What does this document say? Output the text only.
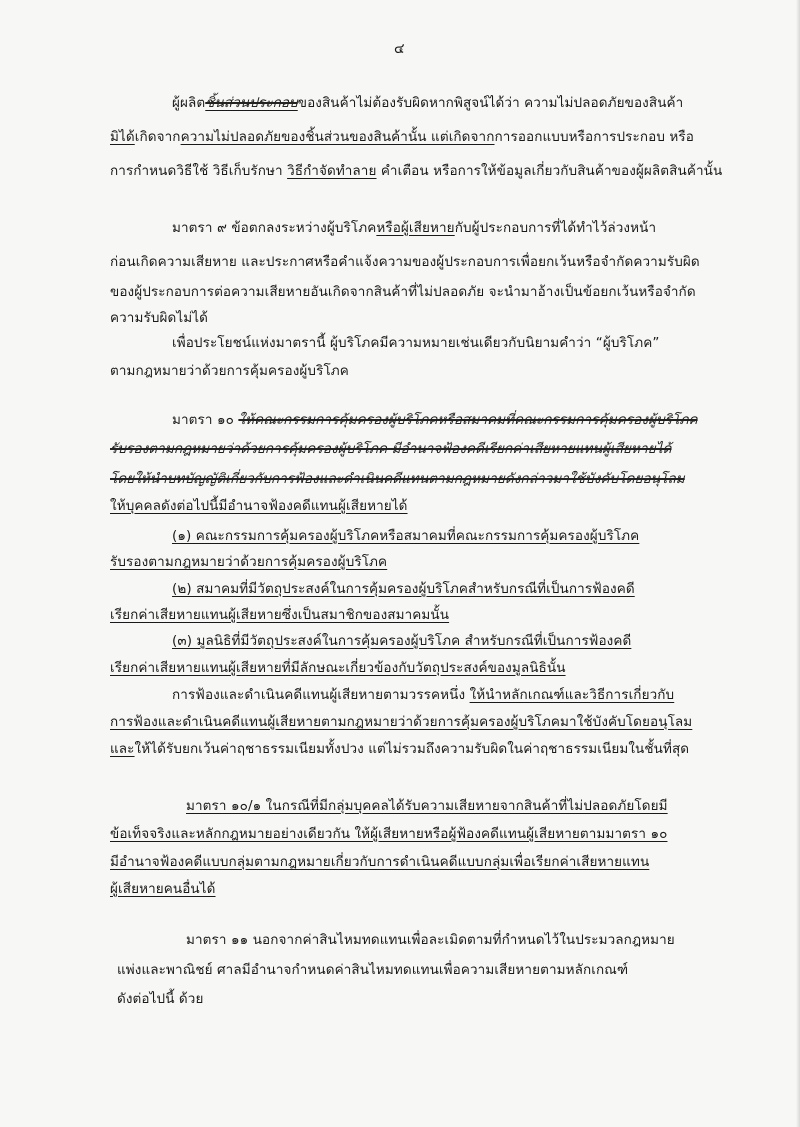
๔
ผู้ผลิตชิ้นส่วนประกอบของสินค้าไม่ต้องรับผิดหากพิสูจน์ได้ว่า ความไม่ปลอดภัยของสินค้า
มิได้เกิดจากความไม่ปลอดภัยของชิ้นส่วนของสินค้านั้น แต่เกิดจากการออกแบบหรือการประกอบ หรือ
การกำหนดวิธีใช้ วิธีเก็บรักษา วิธีกำจัดทำลาย คำเตือน หรือการให้ข้อมูลเกี่ยวกับสินค้าของผู้ผลิตสินค้านั้น
มาตรา ๙ ข้อตกลงระหว่างผู้บริโภคหรือผู้เสียหายกับผู้ประกอบการที่ได้ทำไว้ล่วงหน้า
ก่อนเกิดความเสียหาย และประกาศหรือคำแจ้งความของผู้ประกอบการเพื่อยกเว้นหรือจำกัดความรับผิด
ของผู้ประกอบการต่อความเสียหายอันเกิดจากสินค้าที่ไม่ปลอดภัย จะนำมาอ้างเป็นข้อยกเว้นหรือจำกัด
ความรับผิดไม่ได้
เพื่อประโยชน์แห่งมาตรานี้ ผู้บริโภคมีความหมายเช่นเดียวกับนิยามคำว่า “ผู้บริโภค”
ตามกฎหมายว่าด้วยการคุ้มครองผู้บริโภค
มาตรา ๑๐ ให้คณะกรรมการคุ้มครองผู้บริโภคหรือสมาคมที่คณะกรรมการคุ้มครองผู้บริโภค
รับรองตามกฎหมายว่าด้วยการคุ้มครองผู้บริโภค มีอำนาจฟ้องคดีเรียกค่าเสียหายแทนผู้เสียหายได้
โดยให้นำบทบัญญัติเกี่ยวกับการฟ้องและดำเนินคดีแทนตามกฎหมายดังกล่าวมาใช้บังคับโดยอนุโลม
ให้บุคคลดังต่อไปนี้มีอำนาจฟ้องคดีแทนผู้เสียหายได้
(๑) คณะกรรมการคุ้มครองผู้บริโภคหรือสมาคมที่คณะกรรมการคุ้มครองผู้บริโภค
รับรองตามกฎหมายว่าด้วยการคุ้มครองผู้บริโภค
(๒) สมาคมที่มีวัตถุประสงค์ในการคุ้มครองผู้บริโภคสำหรับกรณีที่เป็นการฟ้องคดี
เรียกค่าเสียหายแทนผู้เสียหายซึ่งเป็นสมาชิกของสมาคมนั้น
(๓) มูลนิธิที่มีวัตถุประสงค์ในการคุ้มครองผู้บริโภค สำหรับกรณีที่เป็นการฟ้องคดี
เรียกค่าเสียหายแทนผู้เสียหายที่มีลักษณะเกี่ยวข้องกับวัตถุประสงค์ของมูลนิธินั้น
การฟ้องและดำเนินคดีแทนผู้เสียหายตามวรรคหนึ่ง ให้นำหลักเกณฑ์และวิธีการเกี่ยวกับ
การฟ้องและดำเนินคดีแทนผู้เสียหายตามกฎหมายว่าด้วยการคุ้มครองผู้บริโภคมาใช้บังคับโดยอนุโลม
และให้ได้รับยกเว้นค่าฤชาธรรมเนียมทั้งปวง แต่ไม่รวมถึงความรับผิดในค่าฤชาธรรมเนียมในชั้นที่สุด
มาตรา ๑๐/๑ ในกรณีที่มีกลุ่มบุคคลได้รับความเสียหายจากสินค้าที่ไม่ปลอดภัยโดยมี
ข้อเท็จจริงและหลักกฎหมายอย่างเดียวกัน ให้ผู้เสียหายหรือผู้ฟ้องคดีแทนผู้เสียหายตามมาตรา ๑๐
มีอำนาจฟ้องคดีแบบกลุ่มตามกฎหมายเกี่ยวกับการดำเนินคดีแบบกลุ่มเพื่อเรียกค่าเสียหายแทน
ผู้เสียหายคนอื่นได้
มาตรา ๑๑ นอกจากค่าสินไหมทดแทนเพื่อละเมิดตามที่กำหนดไว้ในประมวลกฎหมาย
แพ่งและพาณิชย์ ศาลมีอำนาจกำหนดค่าสินไหมทดแทนเพื่อความเสียหายตามหลักเกณฑ์
ดังต่อไปนี้ ด้วย
